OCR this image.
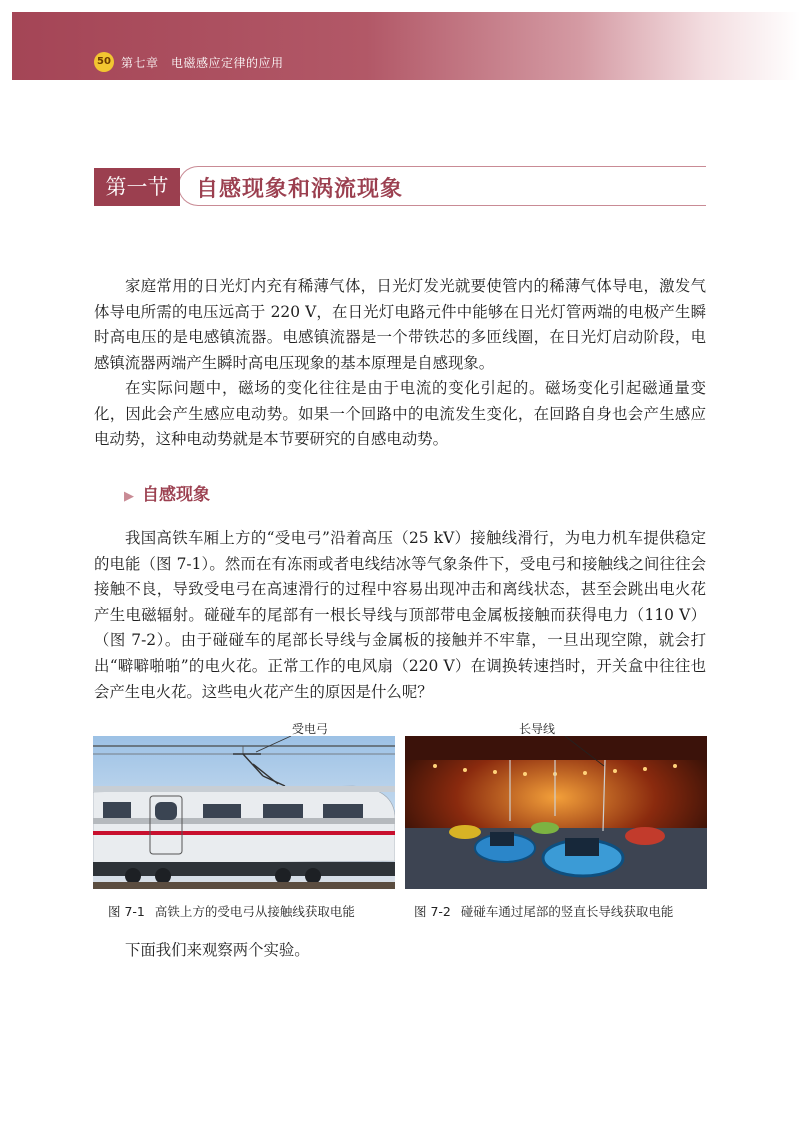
50 第七章　电磁感应定律的应用
第一节	自感现象和涡流现象

家庭常用的日光灯内充有稀薄气体，日光灯发光就要使管内的稀薄气体导电，激发气体导电所需的电压远高于 220 V，在日光灯电路元件中能够在日光灯管两端的电极产生瞬时高电压的是电感镇流器。电感镇流器是一个带铁芯的多匝线圈，在日光灯启动阶段，电感镇流器两端产生瞬时高电压现象的基本原理是自感现象。

在实际问题中，磁场的变化往往是由于电流的变化引起的。磁场变化引起磁通量变化，因此会产生感应电动势。如果一个回路中的电流发生变化，在回路自身也会产生感应电动势，这种电动势就是本节要研究的自感电动势。

▶ 自感现象

我国高铁车厢上方的“受电弓”沿着高压（25 kV）接触线滑行，为电力机车提供稳定的电能（图 7-1）。然而在有冻雨或者电线结冰等气象条件下，受电弓和接触线之间往往会接触不良，导致受电弓在高速滑行的过程中容易出现冲击和离线状态，甚至会跳出电火花产生电磁辐射。碰碰车的尾部有一根长导线与顶部带电金属板接触而获得电力（110 V）（图 7-2）。由于碰碰车的尾部长导线与金属板的接触并不牢靠，一旦出现空隙，就会打出“噼噼啪啪”的电火花。正常工作的电风扇（220 V）在调换转速挡时，开关盒中往往也会产生电火花。这些电火花产生的原因是什么呢？

受电弓	长导线
图 7-1 高铁上方的受电弓从接触线获取电能	图 7-2 碰碰车通过尾部的竖直长导线获取电能

下面我们来观察两个实验。
